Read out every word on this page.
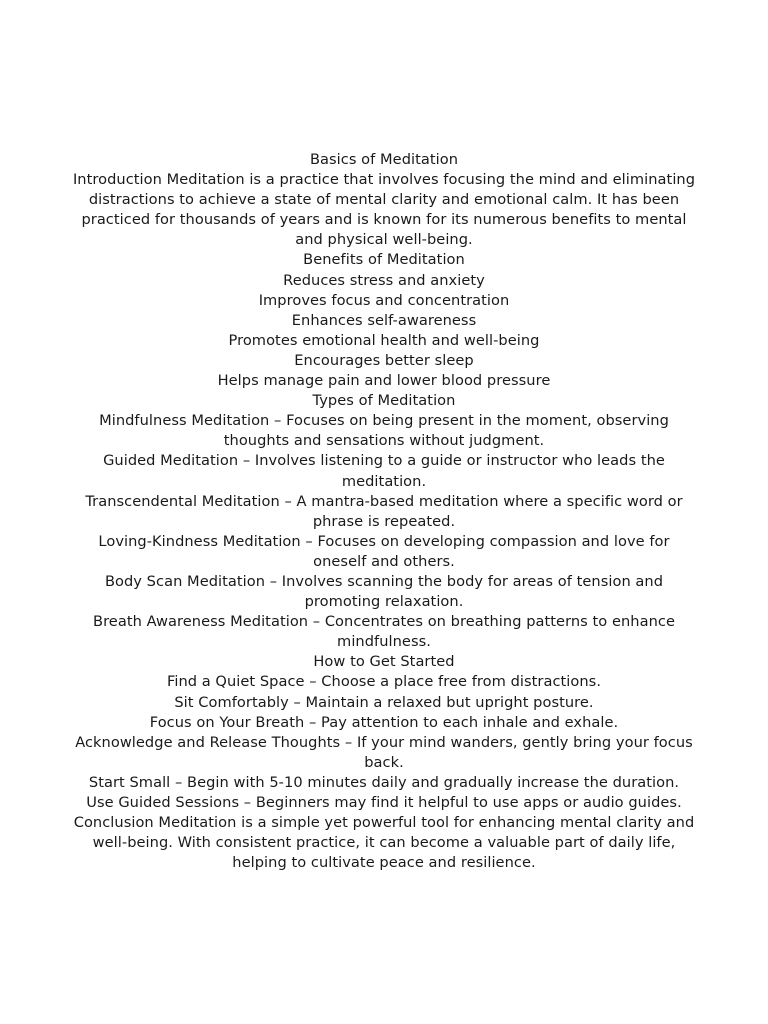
Basics of Meditation

Introduction Meditation is a practice that involves focusing the mind and eliminating distractions to achieve a state of mental clarity and emotional calm. It has been practiced for thousands of years and is known for its numerous benefits to mental and physical well-being.

Benefits of Meditation

Reduces stress and anxiety

Improves focus and concentration

Enhances self-awareness

Promotes emotional health and well-being

Encourages better sleep

Helps manage pain and lower blood pressure

Types of Meditation

Mindfulness Meditation – Focuses on being present in the moment, observing thoughts and sensations without judgment.

Guided Meditation – Involves listening to a guide or instructor who leads the meditation.

Transcendental Meditation – A mantra-based meditation where a specific word or phrase is repeated.

Loving-Kindness Meditation – Focuses on developing compassion and love for oneself and others.

Body Scan Meditation – Involves scanning the body for areas of tension and promoting relaxation.

Breath Awareness Meditation – Concentrates on breathing patterns to enhance mindfulness.

How to Get Started

Find a Quiet Space – Choose a place free from distractions.

Sit Comfortably – Maintain a relaxed but upright posture.

Focus on Your Breath – Pay attention to each inhale and exhale.

Acknowledge and Release Thoughts – If your mind wanders, gently bring your focus back.

Start Small – Begin with 5-10 minutes daily and gradually increase the duration.

Use Guided Sessions – Beginners may find it helpful to use apps or audio guides.

Conclusion Meditation is a simple yet powerful tool for enhancing mental clarity and well-being. With consistent practice, it can become a valuable part of daily life, helping to cultivate peace and resilience.
